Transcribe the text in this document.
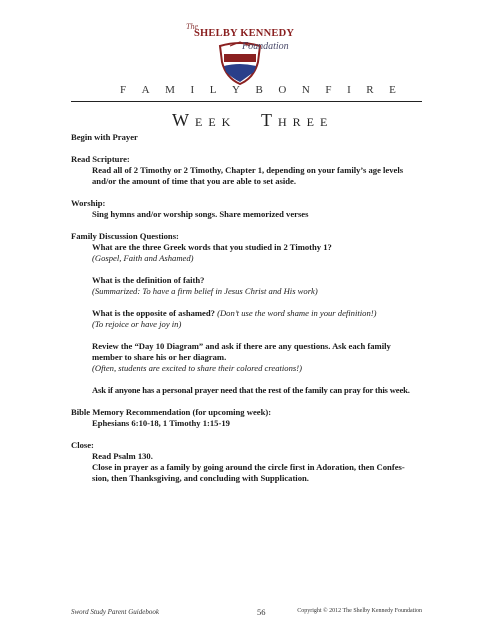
The
SHELBY KENNEDY
Foundation
F A M I L Y B O N F I R E
WEEK THREE

Begin with Prayer

Read Scripture:

Read all of 2 Timothy or 2 Timothy, Chapter 1, depending on your family’s age levels

and/or the amount of time that you are able to set aside.

Worship:

Sing hymns and/or worship songs. Share memorized verses

Family Discussion Questions:

What are the three Greek words that you studied in 2 Timothy 1?

(Gospel, Faith and Ashamed)

What is the definition of faith?

(Summarized: To have a firm belief in Jesus Christ and His work)

What is the opposite of ashamed? (Don’t use the word shame in your definition!)

(To rejoice or have joy in)

Review the “Day 10 Diagram” and ask if there are any questions. Ask each family

member to share his or her diagram.

(Often, students are excited to share their colored creations!)

Ask if anyone has a personal prayer need that the rest of the family can pray for this week.

Bible Memory Recommendation (for upcoming week):

Ephesians 6:10-18, 1 Timothy 1:15-19

Close:

Read Psalm 130.

Close in prayer as a family by going around the circle first in Adoration, then Confes-

sion, then Thanksgiving, and concluding with Supplication.

Sword Study Parent Guidebook	56	Copyright © 2012 The Shelby Kennedy Foundation
